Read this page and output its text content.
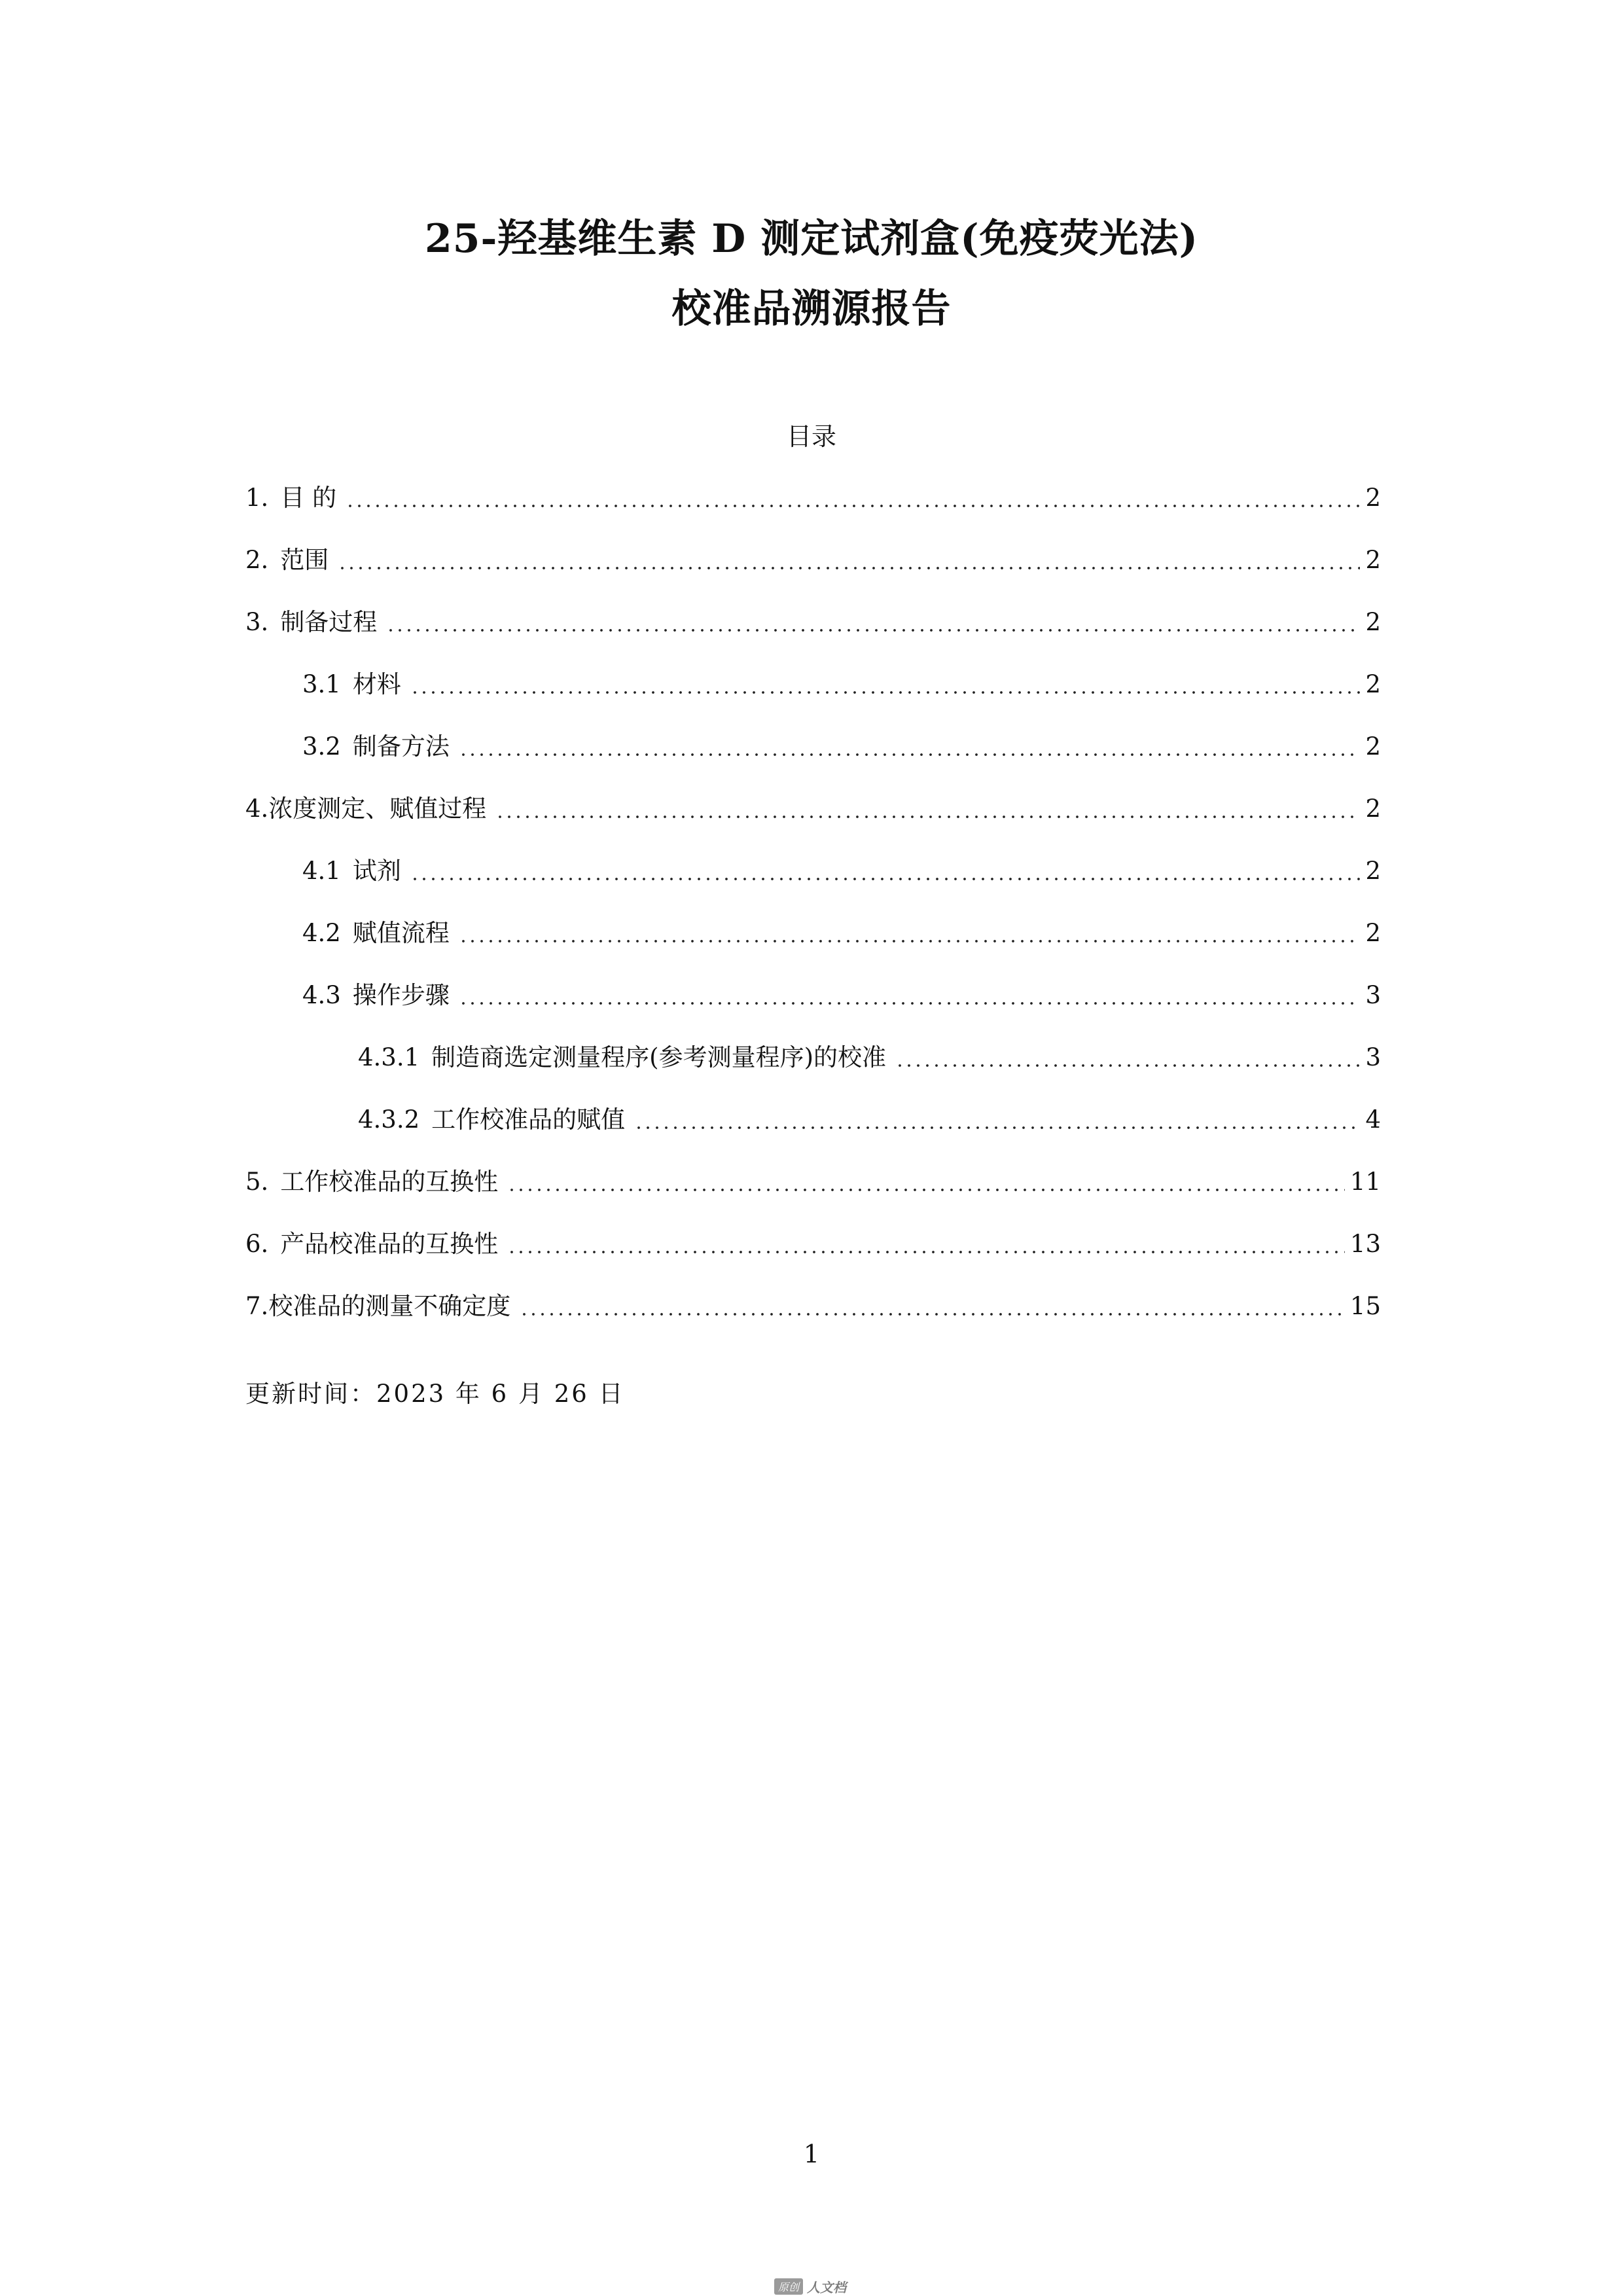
25-羟基维生素 D 测定试剂盒(免疫荧光法)
校准品溯源报告
目录
1. 目 的	2
2. 范围	2
3. 制备过程	2
3.1 材料	2
3.2 制备方法	2
4. 浓度测定、赋值过程	2
4.1 试剂	2
4.2 赋值流程	2
4.3 操作步骤	3
4.3.1 制造商选定测量程序(参考测量程序)的校准	3
4.3.2 工作校准品的赋值	4
5. 工作校准品的互换性	11
6. 产品校准品的互换性	13
7. 校准品的测量不确定度	15
更新时间：2023 年 6 月 26 日
1
原创 人文档
